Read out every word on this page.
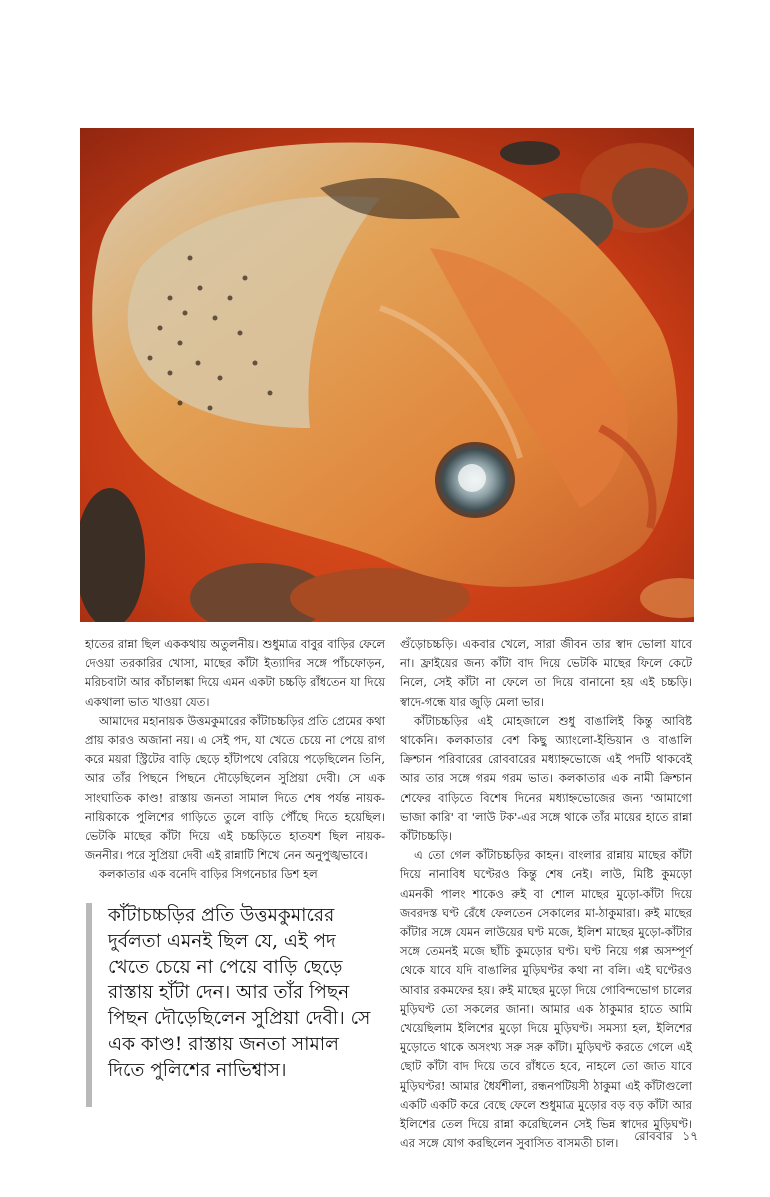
হাতের রান্না ছিল এককথায় অতুলনীয়। শুধুমাত্র বাবুর বাড়ির ফেলে দেওয়া তরকারির খোসা, মাছের কাঁটা ইত্যাদির সঙ্গে পাঁচফোড়ন, মরিচবাটা আর কাঁচালঙ্কা দিয়ে এমন একটা চচ্চড়ি রাঁধতেন যা দিয়ে একথালা ভাত খাওয়া যেত।

আমাদের মহানায়ক উত্তমকুমারের কাঁটাচচ্চড়ির প্রতি প্রেমের কথা প্রায় কারও অজানা নয়। এ সেই পদ, যা খেতে চেয়ে না পেয়ে রাগ করে ময়রা স্ট্রিটের বাড়ি ছেড়ে হাঁটাপথে বেরিয়ে পড়েছিলেন তিনি, আর তাঁর পিছনে পিছনে দৌড়েছিলেন সুপ্রিয়া দেবী। সে এক সাংঘাতিক কাণ্ড! রাস্তায় জনতা সামাল দিতে শেষ পর্যন্ত নায়ক-নায়িকাকে পুলিশের গাড়িতে তুলে বাড়ি পৌঁছে দিতে হয়েছিল। ভেটকি মাছের কাঁটা দিয়ে এই চচ্চড়িতে হাতযশ ছিল নায়ক-জননীর। পরে সুপ্রিয়া দেবী এই রান্নাটি শিখে নেন অনুপুঙ্খভাবে।

কলকাতার এক বনেদি বাড়ির সিগনেচার ডিশ হল

কাঁটাচচ্চড়ির প্রতি উত্তমকুমারের দুর্বলতা এমনই ছিল যে, এই পদ খেতে চেয়ে না পেয়ে বাড়ি ছেড়ে রাস্তায় হাঁটা দেন। আর তাঁর পিছন পিছন দৌড়েছিলেন সুপ্রিয়া দেবী। সে এক কাণ্ড! রাস্তায় জনতা সামাল দিতে পুলিশের নাভিশ্বাস।

গুঁড়োচচ্চড়ি। একবার খেলে, সারা জীবন তার স্বাদ ভোলা যাবে না। ফ্রাইয়ের জন্য কাঁটা বাদ দিয়ে ভেটকি মাছের ফিলে কেটে নিলে, সেই কাঁটা না ফেলে তা দিয়ে বানানো হয় এই চচ্চড়ি। স্বাদে-গন্ধে যার জুড়ি মেলা ভার।

কাঁটাচচ্চড়ির এই মোহজালে শুধু বাঙালিই কিন্তু আবিষ্ট থাকেনি। কলকাতার বেশ কিছু অ্যাংলো-ইন্ডিয়ান ও বাঙালি ক্রিশ্চান পরিবারের রোববারের মধ্যাহ্নভোজে এই পদটি থাকবেই আর তার সঙ্গে গরম গরম ভাত। কলকাতার এক নামী ক্রিশ্চান শেফের বাড়িতে বিশেষ দিনের মধ্যাহ্নভোজের জন্য 'আমাগো ভাজা কারি' বা 'লাউ টক'-এর সঙ্গে থাকে তাঁর মায়ের হাতে রান্না কাঁটাচচ্চড়ি।

এ তো গেল কাঁটাচচ্চড়ির কাহন। বাংলার রান্নায় মাছের কাঁটা দিয়ে নানাবিধ ঘণ্টেরও কিন্তু শেষ নেই। লাউ, মিষ্টি কুমড়ো এমনকী পালং শাকেও রুই বা শোল মাছের মুড়ো-কাঁটা দিয়ে জবরদস্ত ঘণ্ট রেঁধে ফেলতেন সেকালের মা-ঠাকুমারা। রুই মাছের কাঁটার সঙ্গে যেমন লাউয়ের ঘণ্ট মজে, ইলিশ মাছের মুড়ো-কাঁটার সঙ্গে তেমনই মজে ছাঁচি কুমড়োর ঘণ্ট। ঘণ্ট নিয়ে গপ্প অসম্পূর্ণ থেকে যাবে যদি বাঙালির মুড়িঘণ্টর কথা না বলি। এই ঘণ্টেরও আবার রকমফের হয়। রুই মাছের মুড়ো দিয়ে গোবিন্দভোগ চালের মুড়িঘণ্ট তো সকলের জানা। আমার এক ঠাকুমার হাতে আমি খেয়েছিলাম ইলিশের মুড়ো দিয়ে মুড়িঘণ্ট। সমস্যা হল, ইলিশের মুড়োতে থাকে অসংখ্য সরু সরু কাঁটা। মুড়িঘণ্ট করতে গেলে এই ছোট কাঁটা বাদ দিয়ে তবে রাঁধতে হবে, নাহলে তো জাত যাবে মুড়িঘণ্টর! আমার ধৈর্যশীলা, রন্ধনপটিয়সী ঠাকুমা এই কাঁটাগুলো একটি একটি করে বেছে ফেলে শুধুমাত্র মুড়োর বড় বড় কাঁটা আর ইলিশের তেল দিয়ে রান্না করেছিলেন সেই ভিন্ন স্বাদের মুড়িঘণ্ট। এর সঙ্গে যোগ করছিলেন সুবাসিত বাসমতী চাল।

রোববার ১৭
